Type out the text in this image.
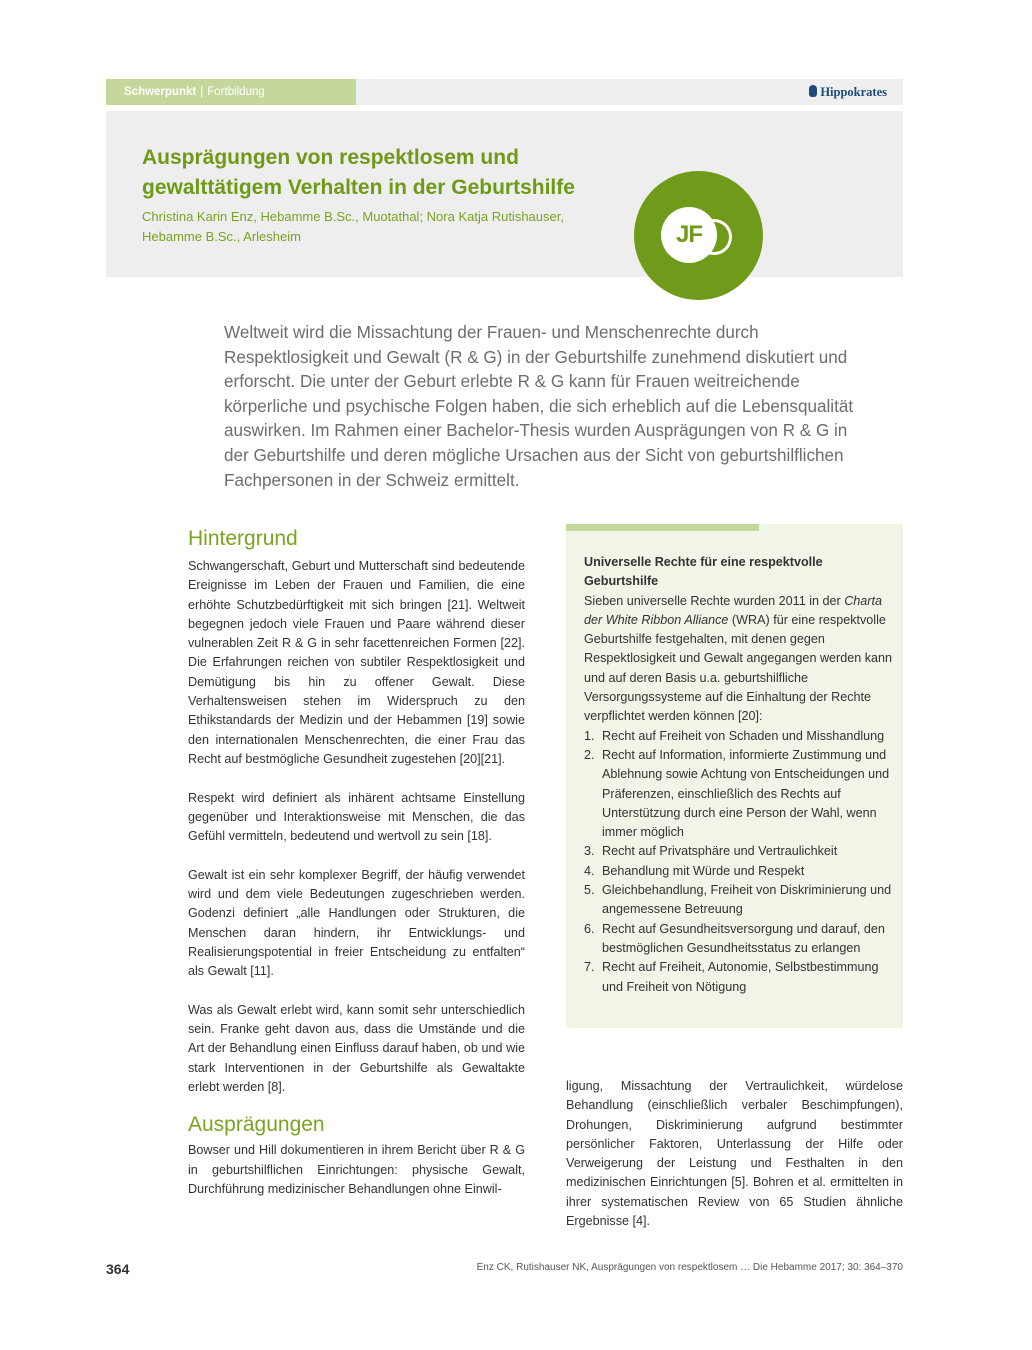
Schwerpunkt | Fortbildung	Hippokrates
Ausprägungen von respektlosem und gewalttätigem Verhalten in der Geburtshilfe
Christina Karin Enz, Hebamme B.Sc., Muotathal; Nora Katja Rutishauser, Hebamme B.Sc., Arlesheim	JF

Weltweit wird die Missachtung der Frauen- und Menschenrechte durch Respektlosigkeit und Gewalt (R & G) in der Geburtshilfe zunehmend diskutiert und erforscht. Die unter der Geburt erlebte R & G kann für Frauen weitreichende körperliche und psychische Folgen haben, die sich erheblich auf die Lebensqualität auswirken. Im Rahmen einer Bachelor-Thesis wurden Ausprägungen von R & G in der Geburtshilfe und deren mögliche Ursachen aus der Sicht von geburtshilflichen Fachpersonen in der Schweiz ermittelt.

Hintergrund

Schwangerschaft, Geburt und Mutterschaft sind bedeutende Ereignisse im Leben der Frauen und Familien, die eine erhöhte Schutzbedürftigkeit mit sich bringen [21]. Weltweit begegnen jedoch viele Frauen und Paare während dieser vulnerablen Zeit R & G in sehr facettenreichen Formen [22]. Die Erfahrungen reichen von subtiler Respektlosigkeit und Demütigung bis hin zu offener Gewalt. Diese Verhaltensweisen stehen im Widerspruch zu den Ethikstandards der Medizin und der Hebammen [19] sowie den internationalen Menschenrechten, die einer Frau das Recht auf bestmögliche Gesundheit zugestehen [20][21].

Respekt wird definiert als inhärent achtsame Einstellung gegenüber und Interaktionsweise mit Menschen, die das Gefühl vermitteln, bedeutend und wertvoll zu sein [18].

Gewalt ist ein sehr komplexer Begriff, der häufig verwendet wird und dem viele Bedeutungen zugeschrieben werden. Godenzi definiert „alle Handlungen oder Strukturen, die Menschen daran hindern, ihr Entwicklungs- und Realisierungspotential in freier Entscheidung zu entfalten“ als Gewalt [11].

Was als Gewalt erlebt wird, kann somit sehr unterschiedlich sein. Franke geht davon aus, dass die Umstände und die Art der Behandlung einen Einfluss darauf haben, ob und wie stark Interventionen in der Geburtshilfe als Gewaltakte erlebt werden [8].

Ausprägungen

Bowser und Hill dokumentieren in ihrem Bericht über R & G in geburtshilflichen Einrichtungen: physische Gewalt, Durchführung medizinischer Behandlungen ohne Einwil-

Universelle Rechte für eine respektvolle Geburtshilfe
Sieben universelle Rechte wurden 2011 in der Charta der White Ribbon Alliance (WRA) für eine respektvolle Geburtshilfe festgehalten, mit denen gegen Respektlosigkeit und Gewalt angegangen werden kann und auf deren Basis u.a. geburtshilfliche Versorgungssysteme auf die Einhaltung der Rechte verpflichtet werden können [20]:
1. Recht auf Freiheit von Schaden und Misshandlung
2. Recht auf Information, informierte Zustimmung und Ablehnung sowie Achtung von Entscheidungen und Präferenzen, einschließlich des Rechts auf Unterstützung durch eine Person der Wahl, wenn immer möglich
3. Recht auf Privatsphäre und Vertraulichkeit
4. Behandlung mit Würde und Respekt
5. Gleichbehandlung, Freiheit von Diskriminierung und angemessene Betreuung
6. Recht auf Gesundheitsversorgung und darauf, den bestmöglichen Gesundheitsstatus zu erlangen
7. Recht auf Freiheit, Autonomie, Selbstbestimmung und Freiheit von Nötigung

ligung, Missachtung der Vertraulichkeit, würdelose Behandlung (einschließlich verbaler Beschimpfungen), Drohungen, Diskriminierung aufgrund bestimmter persönlicher Faktoren, Unterlassung der Hilfe oder Verweigerung der Leistung und Festhalten in den medizinischen Einrichtungen [5]. Bohren et al. ermittelten in ihrer systematischen Review von 65 Studien ähnliche Ergebnisse [4].

364	Enz CK, Rutishauser NK, Ausprägungen von respektlosem … Die Hebamme 2017; 30: 364–370
